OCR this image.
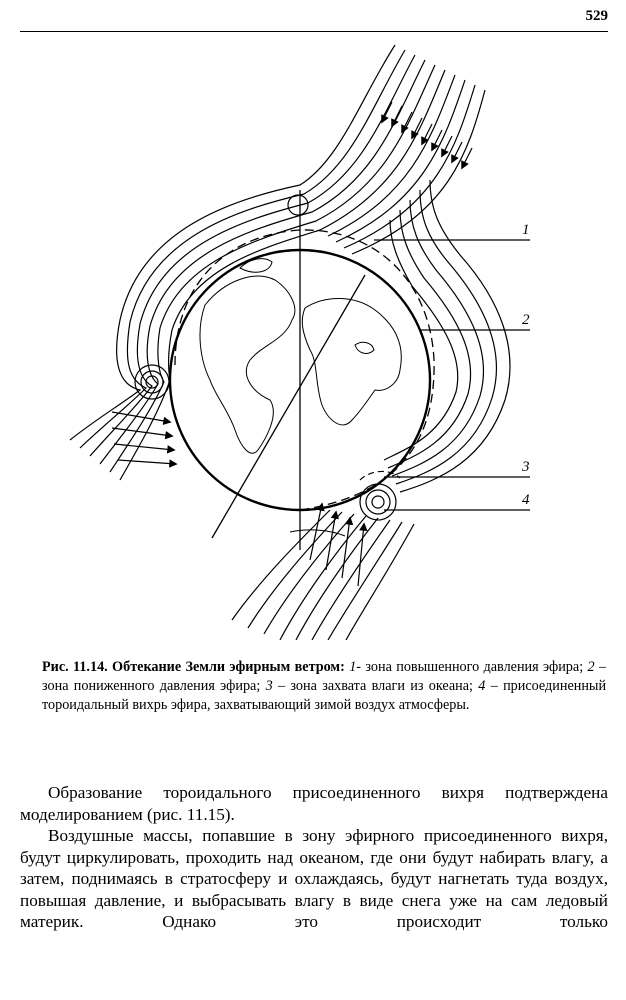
529
1
2
3
4
Рис. 11.14. Обтекание Земли эфирным ветром: 1- зона повышенного давления эфира; 2 – зона пониженного давления эфира; 3 – зона захвата влаги из океана; 4 – присоединенный тороидальный вихрь эфира, захватывающий зимой воздух атмосферы.

Образование тороидального присоединенного вихря подтверждена моделированием (рис. 11.15).

Воздушные массы, попавшие в зону эфирного присоединенного вихря, будут циркулировать, проходить над океаном, где они будут набирать влагу, а затем, поднимаясь в стратосферу и охлаждаясь, будут нагнетать туда воздух, повышая давление, и выбрасывать влагу в виде снега уже на сам ледовый материк. Однако это происходит только
